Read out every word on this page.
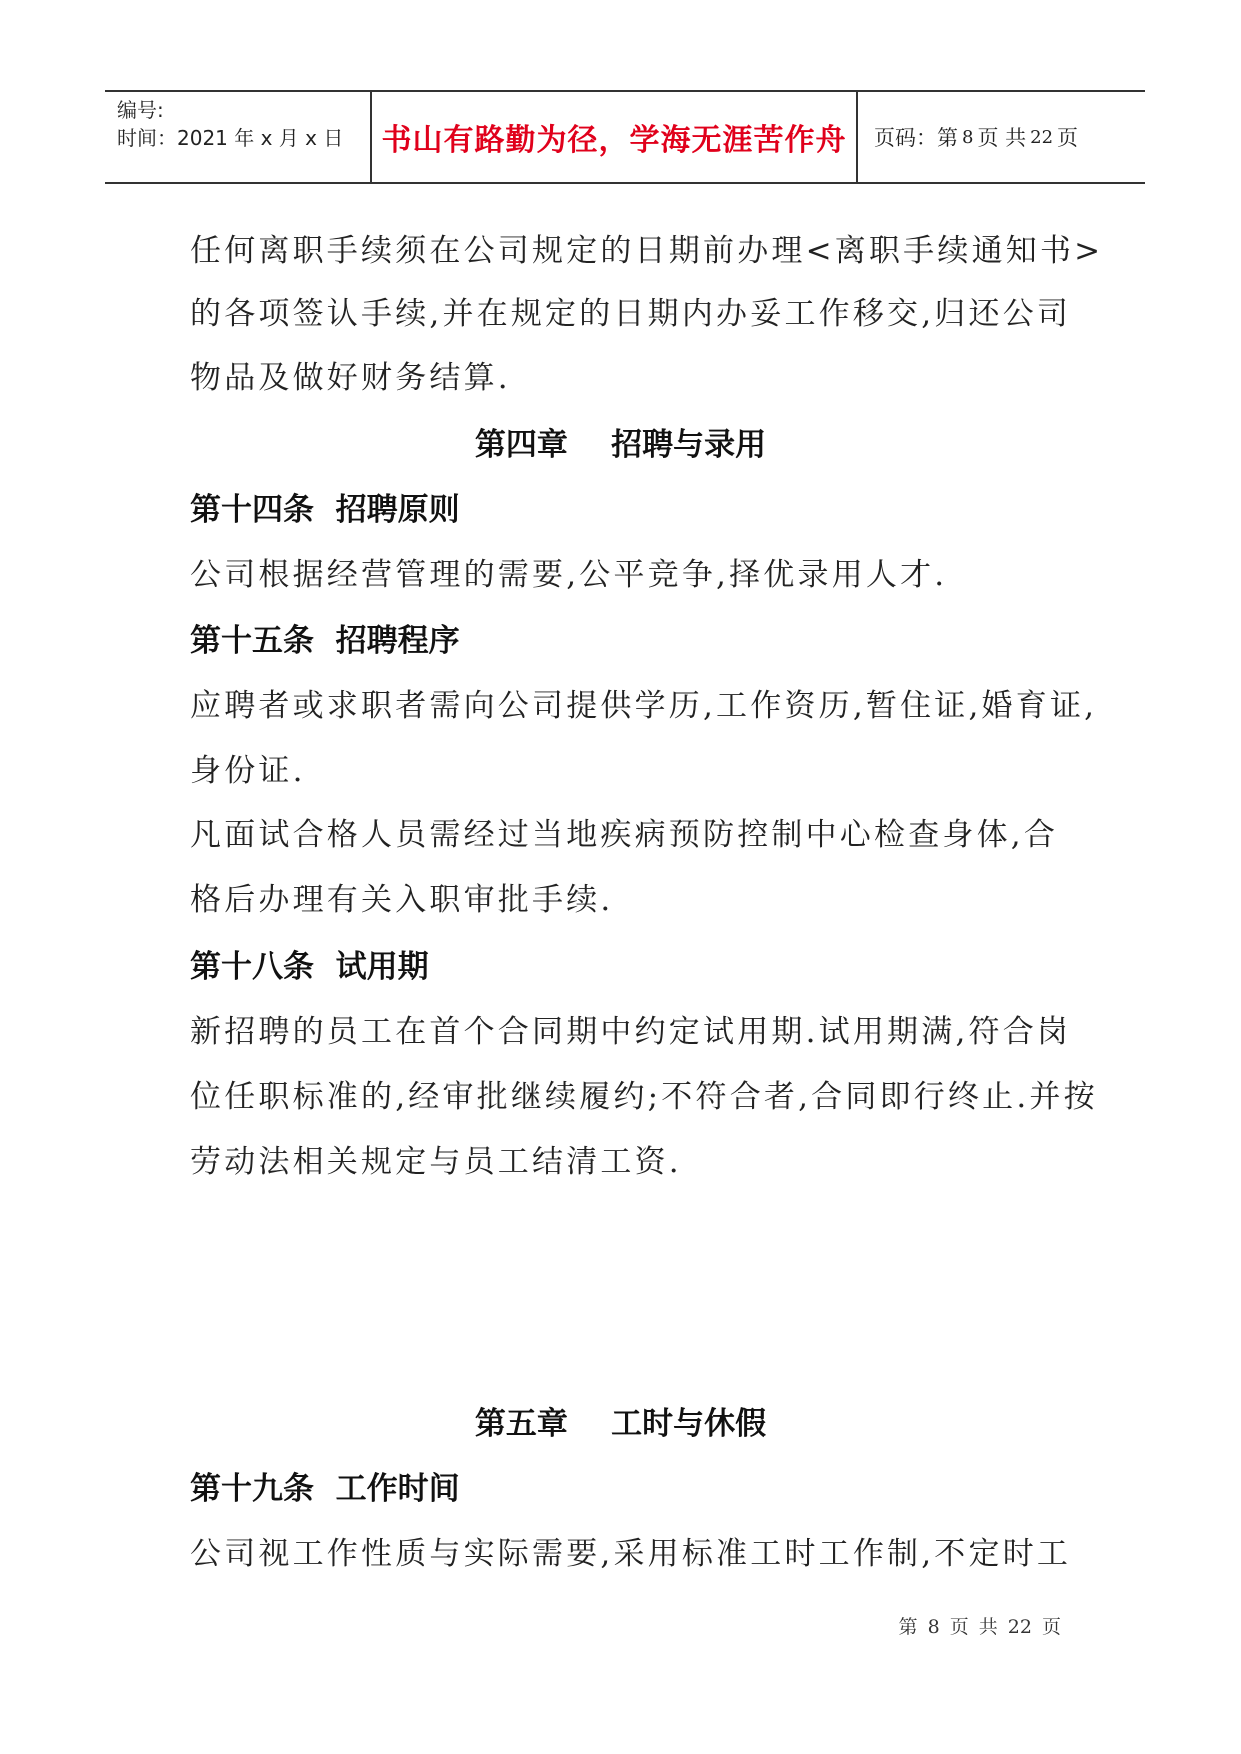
编号:
时间：2021 年 x 月 x 日	书山有路勤为径，学海无涯苦作舟	页码：第 8 页 共 22 页
任何离职手续须在公司规定的日期前办理<离职手续通知书>
的各项签认手续,并在规定的日期内办妥工作移交,归还公司
物品及做好财务结算.
第四章    招聘与录用
第十四条  招聘原则
公司根据经营管理的需要,公平竞争,择优录用人才.
第十五条  招聘程序
应聘者或求职者需向公司提供学历,工作资历,暂住证,婚育证,
身份证.
凡面试合格人员需经过当地疾病预防控制中心检查身体,合
格后办理有关入职审批手续.
第十八条  试用期
新招聘的员工在首个合同期中约定试用期.试用期满,符合岗
位任职标准的,经审批继续履约;不符合者,合同即行终止.并按
劳动法相关规定与员工结清工资.
第五章    工时与休假
第十九条  工作时间
公司视工作性质与实际需要,采用标准工时工作制,不定时工
第 8 页 共 22 页
